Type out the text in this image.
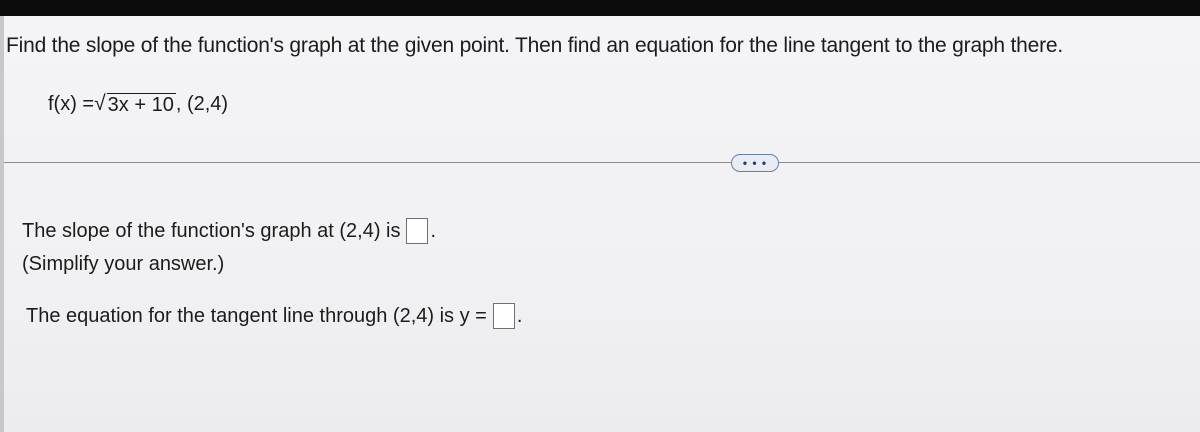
Find the slope of the function's graph at the given point. Then find an equation for the line tangent to the graph there.
f(x) = √ 3x + 10 , (2,4)
• • •
The slope of the function's graph at (2,4) is .
(Simplify your answer.)
The equation for the tangent line through (2,4) is y = .
